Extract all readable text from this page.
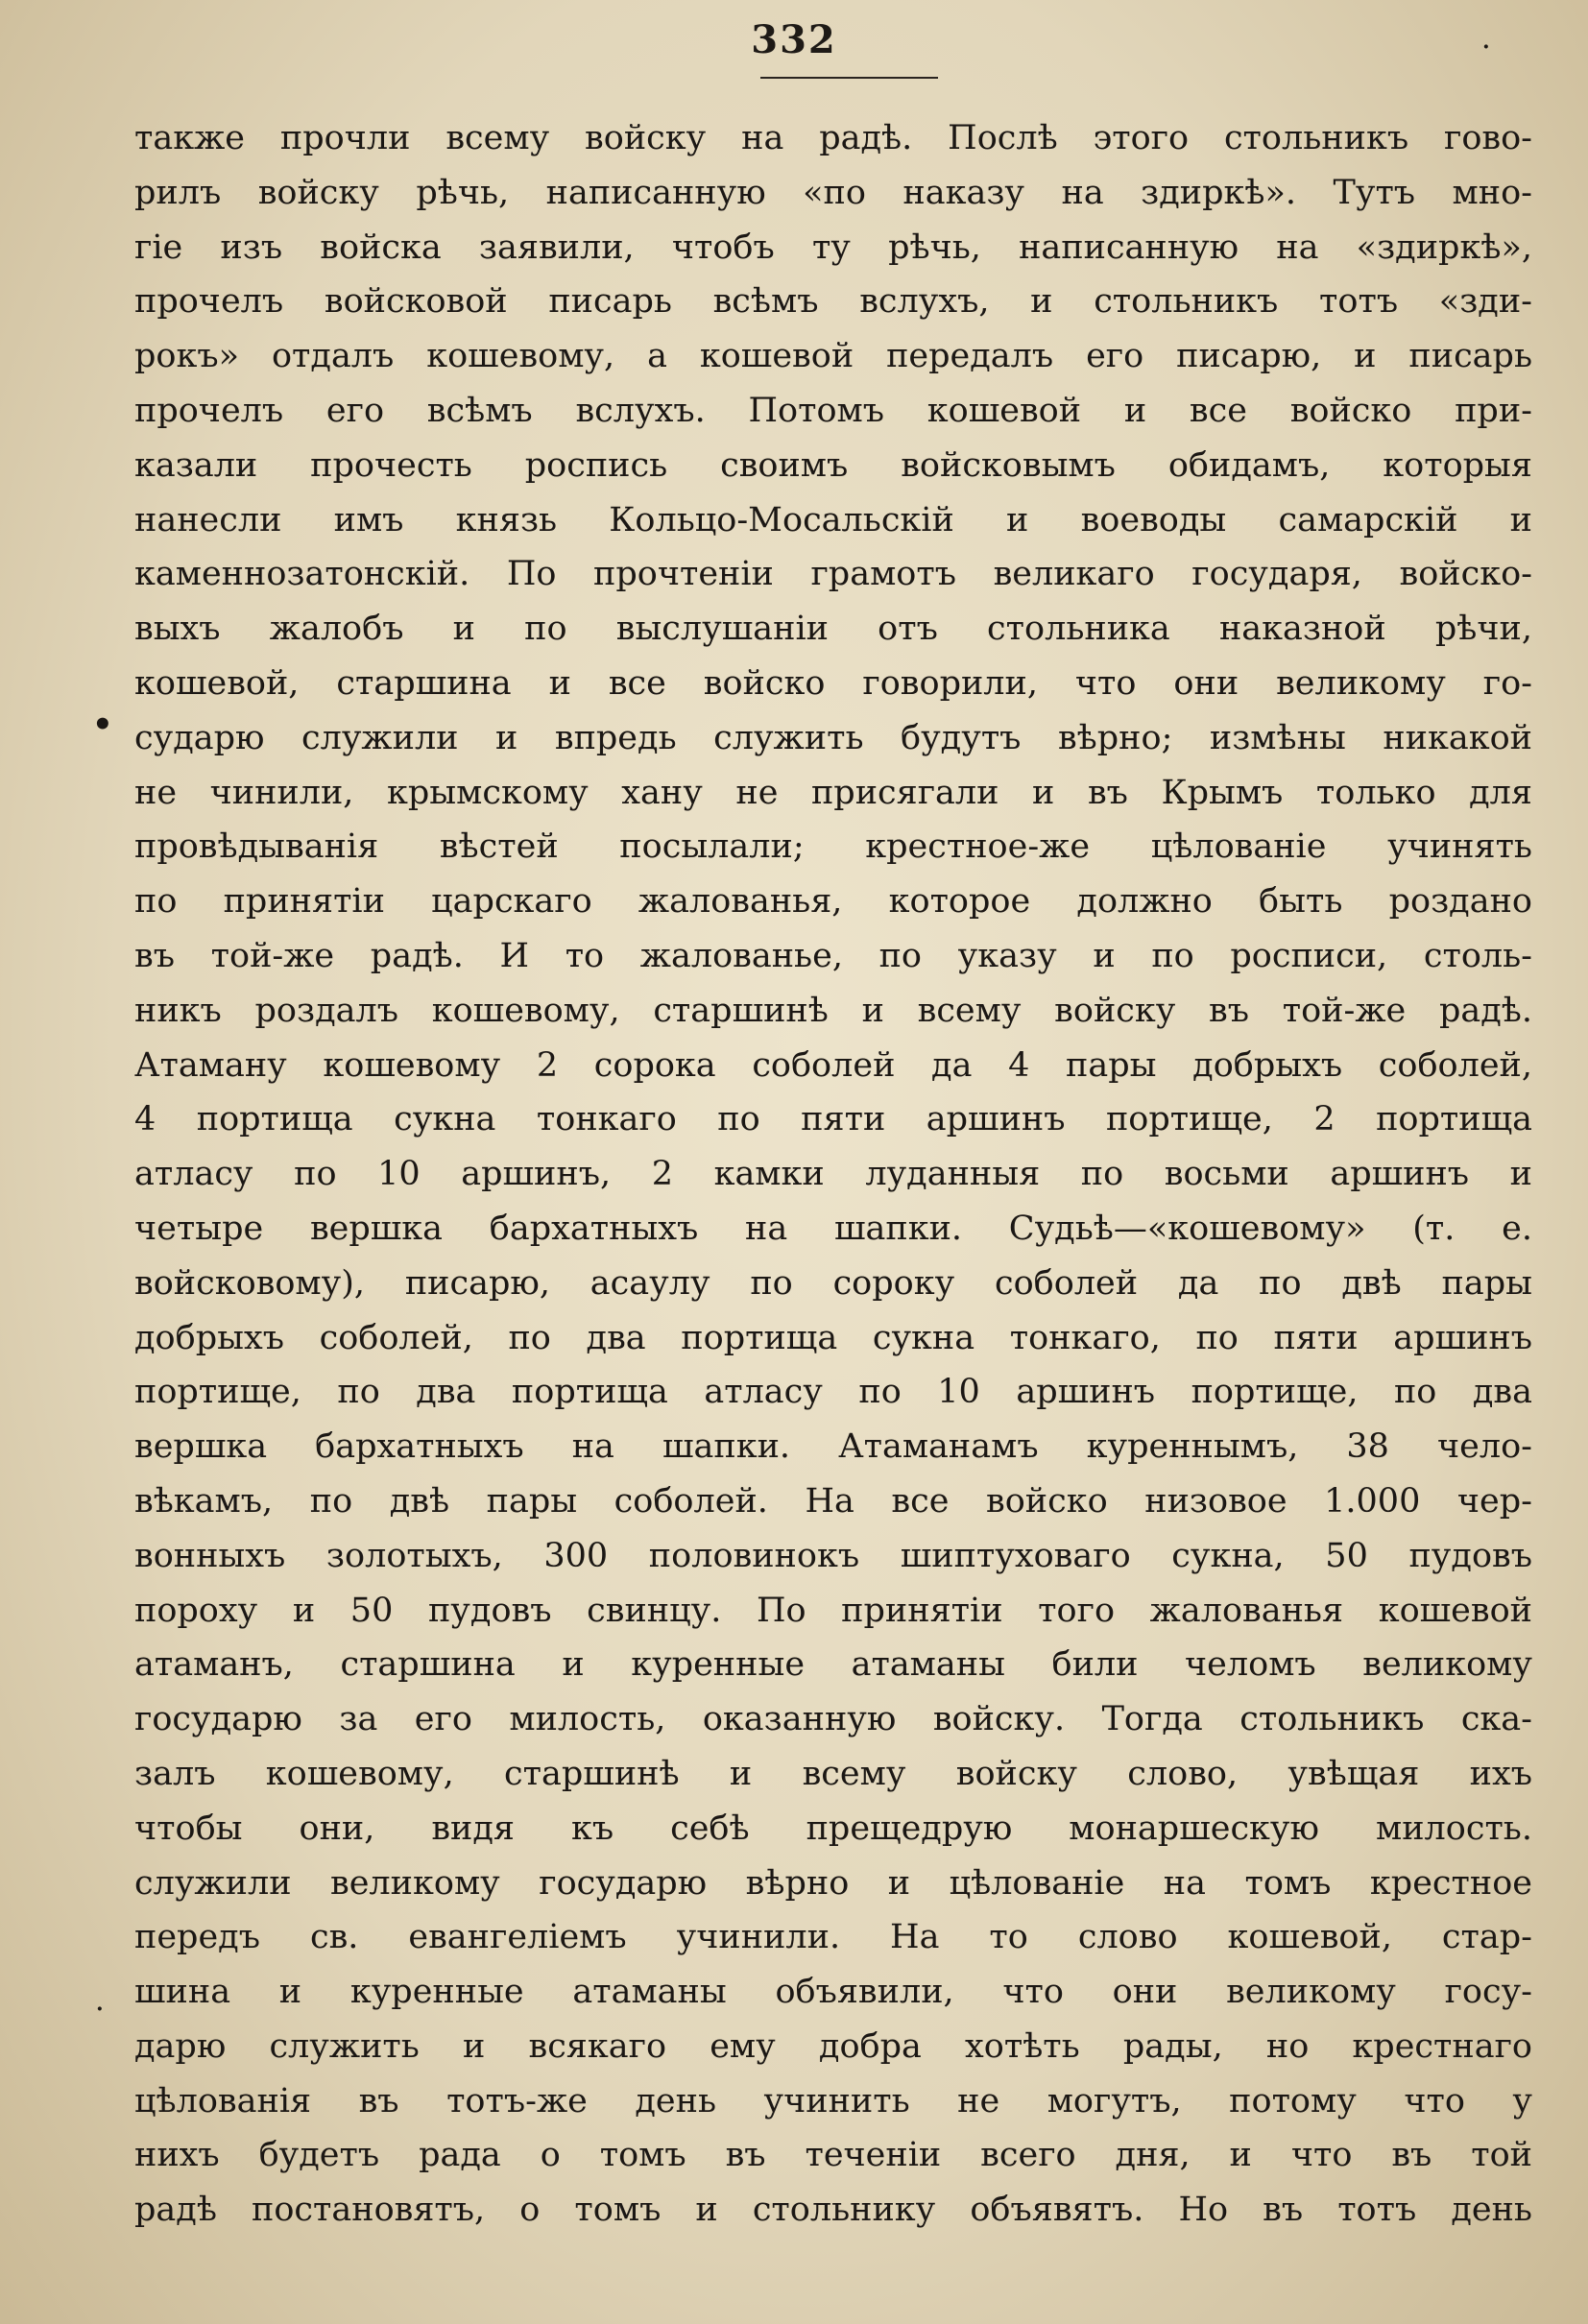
332	·
•
·
также прочли всему войску на радѣ. Послѣ этого стольникъ гово-
рилъ войску рѣчь, написанную «по наказу на здиркѣ». Тутъ мно-
гіе изъ войска заявили, чтобъ ту рѣчь, написанную на «здиркѣ»,
прочелъ войсковой писарь всѣмъ вслухъ, и стольникъ тотъ «зди-
рокъ» отдалъ кошевому, а кошевой передалъ его писарю, и писарь
прочелъ его всѣмъ вслухъ. Потомъ кошевой и все войско при-
казали прочесть роспись своимъ войсковымъ обидамъ, которыя
нанесли имъ князь Кольцо-Мосальскій и воеводы самарскій и
каменнозатонскій. По прочтеніи грамотъ великаго государя, войско-
выхъ жалобъ и по выслушаніи отъ стольника наказной рѣчи,
кошевой, старшина и все войско говорили, что они великому го-
сударю служили и впредь служить будутъ вѣрно; измѣны никакой
не чинили, крымскому хану не присягали и въ Крымъ только для
провѣдыванія вѣстей посылали; крестное-же цѣлованіе учинять
по принятіи царскаго жалованья, которое должно быть роздано
въ той-же радѣ. И то жалованье, по указу и по росписи, столь-
никъ роздалъ кошевому, старшинѣ и всему войску въ той-же радѣ.
Атаману кошевому 2 сорока соболей да 4 пары добрыхъ соболей,
4 портища сукна тонкаго по пяти аршинъ портище, 2 портища
атласу по 10 аршинъ, 2 камки луданныя по восьми аршинъ и
четыре вершка бархатныхъ на шапки. Судьѣ—«кошевому» (т. е.
войсковому), писарю, асаулу по сороку соболей да по двѣ пары
добрыхъ соболей, по два портища сукна тонкаго, по пяти аршинъ
портище, по два портища атласу по 10 аршинъ портище, по два
вершка бархатныхъ на шапки. Атаманамъ куреннымъ, 38 чело-
вѣкамъ, по двѣ пары соболей. На все войско низовое 1.000 чер-
вонныхъ золотыхъ, 300 половинокъ шиптуховаго сукна, 50 пудовъ
пороху и 50 пудовъ свинцу. По принятіи того жалованья кошевой
атаманъ, старшина и куренные атаманы били челомъ великому
государю за его милость, оказанную войску. Тогда стольникъ ска-
залъ кошевому, старшинѣ и всему войску слово, увѣщая ихъ
чтобы они, видя къ себѣ прещедрую монаршескую милость.
служили великому государю вѣрно и цѣлованіе на томъ крестное
передъ св. евангеліемъ учинили. На то слово кошевой, стар-
шина и куренные атаманы объявили, что они великому госу-
дарю служить и всякаго ему добра хотѣть рады, но крестнаго
цѣлованія въ тотъ-же день учинить не могутъ, потому что у
нихъ будетъ рада о томъ въ теченіи всего дня, и что въ той
радѣ постановятъ, о томъ и стольнику объявятъ. Но въ тотъ день
